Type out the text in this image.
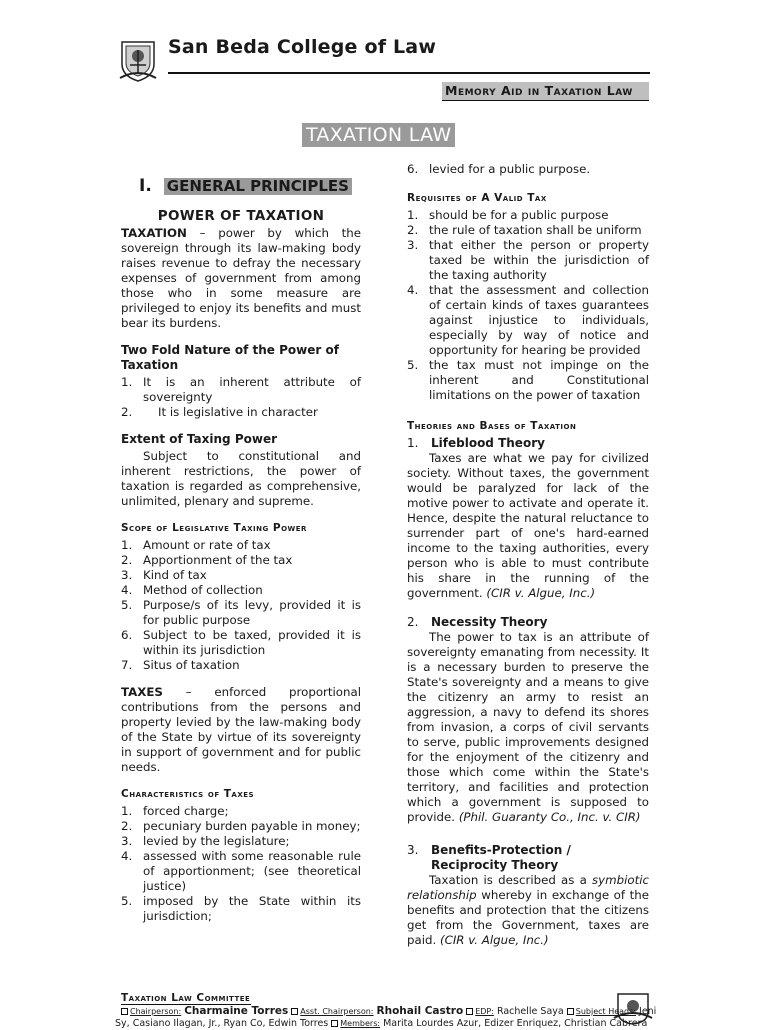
San Beda College of Law
Memory Aid in Taxation Law
TAXATION LAW
I. GENERAL PRINCIPLES
POWER OF TAXATION

TAXATION – power by which the sovereign through its law-making body raises revenue to defray the necessary expenses of government from among those who in some measure are privileged to enjoy its benefits and must bear its burdens.

Two Fold Nature of the Power of Taxation
1. It is an inherent attribute of sovereignty
2. It is legislative in character
Extent of Taxing Power

Subject to constitutional and inherent restrictions, the power of taxation is regarded as comprehensive, unlimited, plenary and supreme.

Scope of Legislative Taxing Power
1. Amount or rate of tax
2. Apportionment of the tax
3. Kind of tax
4. Method of collection
5. Purpose/s of its levy, provided it is for public purpose
6. Subject to be taxed, provided it is within its jurisdiction
7. Situs of taxation

TAXES – enforced proportional contributions from the persons and property levied by the law-making body of the State by virtue of its sovereignty in support of government and for public needs.

Characteristics of Taxes
1. forced charge;
2. pecuniary burden payable in money;
3. levied by the legislature;
4. assessed with some reasonable rule of apportionment; (see theoretical justice)
5. imposed by the State within its jurisdiction;
6. levied for a public purpose.
Requisites of A Valid Tax
1. should be for a public purpose
2. the rule of taxation shall be uniform
3. that either the person or property taxed be within the jurisdiction of the taxing authority
4. that the assessment and collection of certain kinds of taxes guarantees against injustice to individuals, especially by way of notice and opportunity for hearing be provided
5. the tax must not impinge on the inherent and Constitutional limitations on the power of taxation
Theories and Bases of Taxation
1.	Lifeblood Theory

Taxes are what we pay for civilized society. Without taxes, the government would be paralyzed for lack of the motive power to activate and operate it. Hence, despite the natural reluctance to surrender part of one's hard-earned income to the taxing authorities, every person who is able to must contribute his share in the running of the government. (CIR v. Algue, Inc.)

2.	Necessity Theory

The power to tax is an attribute of sovereignty emanating from necessity. It is a necessary burden to preserve the State's sovereignty and a means to give the citizenry an army to resist an aggression, a navy to defend its shores from invasion, a corps of civil servants to serve, public improvements designed for the enjoyment of the citizenry and those which come within the State's territory, and facilities and protection which a government is supposed to provide. (Phil. Guaranty Co., Inc. v. CIR)

3.	Benefits-Protection / Reciprocity Theory

Taxation is described as a symbiotic relationship whereby in exchange of the benefits and protection that the citizens get from the Government, taxes are paid. (CIR v. Algue, Inc.)

Taxation Law Committee
Chairperson: Charmaine Torres Asst. Chairperson: Rhohail Castro EDP: Rachelle Saya Subject Heads: Jeni
Sy, Casiano Ilagan, Jr., Ryan Co, Edwin Torres Members: Marita Lourdes Azur, Edizer Enriquez, Christian Cabrera
